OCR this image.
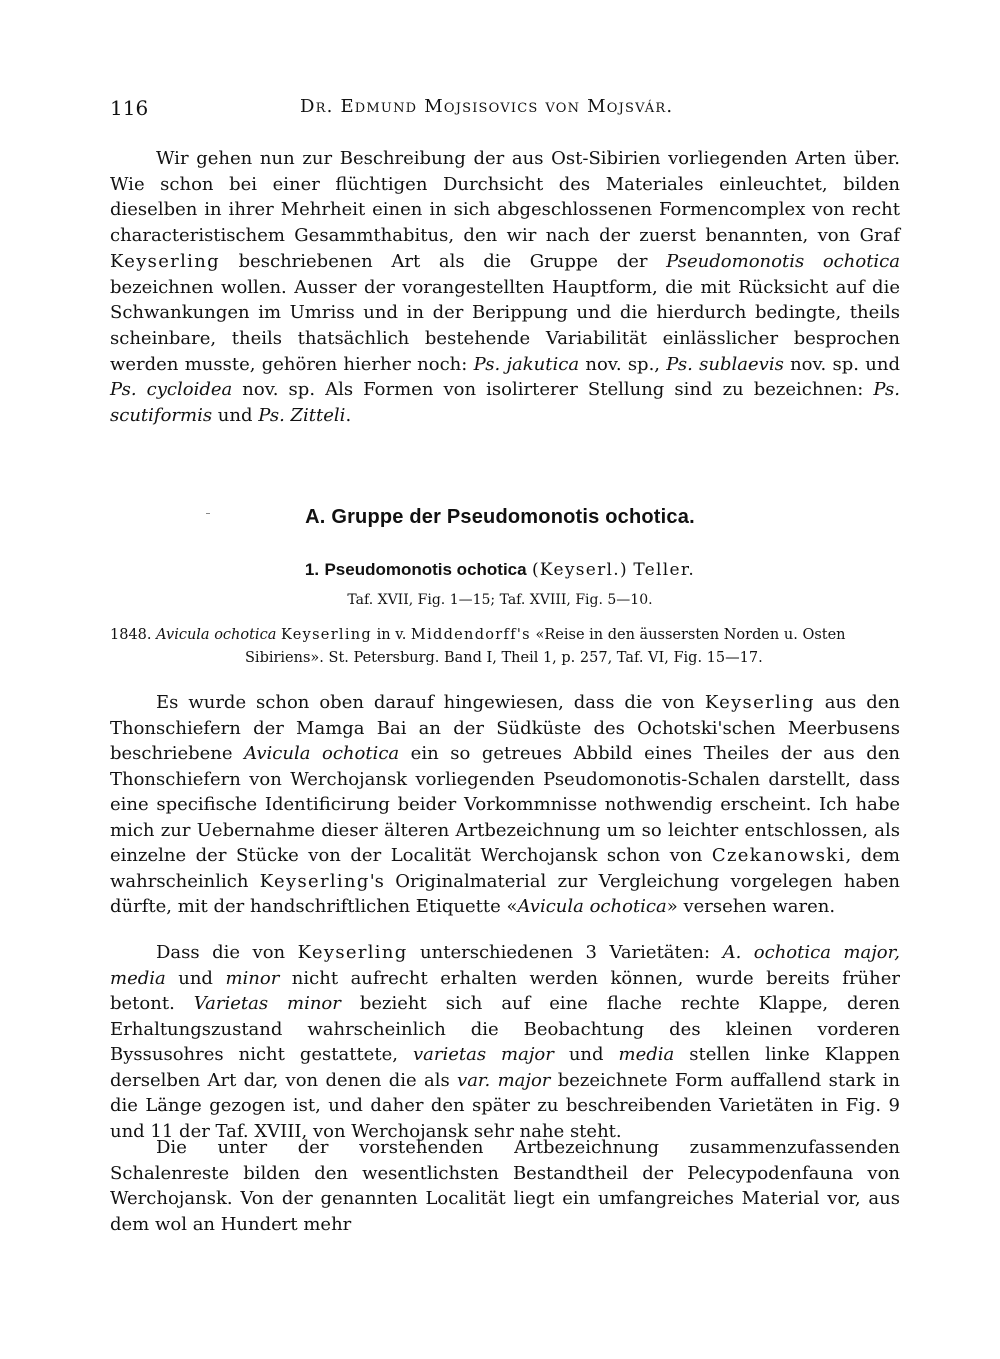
116	Dr. Edmund Mojsisovics von Mojsvár.

Wir gehen nun zur Beschreibung der aus Ost-Sibirien vorliegenden Arten über. Wie schon bei einer flüchtigen Durchsicht des Materiales einleuchtet, bilden dieselben in ihrer Mehrheit einen in sich abgeschlossenen Formencomplex von recht characteristischem Gesammthabitus, den wir nach der zuerst benannten, von Graf Keyserling beschriebenen Art als die Gruppe der Pseudomonotis ochotica bezeichnen wollen. Ausser der vorangestellten Hauptform, die mit Rücksicht auf die Schwankungen im Umriss und in der Berippung und die hierdurch bedingte, theils scheinbare, theils thatsächlich bestehende Variabilität einlässlicher besprochen werden musste, gehören hierher noch: Ps. jakutica nov. sp., Ps. sublaevis nov. sp. und Ps. cycloidea nov. sp. Als Formen von isolirterer Stellung sind zu bezeichnen: Ps. scutiformis und Ps. Zitteli.

A. Gruppe der Pseudomonotis ochotica.
1. Pseudomonotis ochotica (Keyserl.) Teller.
Taf. XVII, Fig. 1—15; Taf. XVIII, Fig. 5—10.

1848. Avicula ochotica Keyserling in v. Middendorff's «Reise in den äussersten Norden u. Osten Sibiriens». St. Petersburg. Band I, Theil 1, p. 257, Taf. VI, Fig. 15—17.

Es wurde schon oben darauf hingewiesen, dass die von Keyserling aus den Thonschiefern der Mamga Bai an der Südküste des Ochotski'schen Meerbusens beschriebene Avicula ochotica ein so getreues Abbild eines Theiles der aus den Thonschiefern von Werchojansk vorliegenden Pseudomonotis-Schalen darstellt, dass eine specifische Identificirung beider Vorkommnisse nothwendig erscheint. Ich habe mich zur Uebernahme dieser älteren Artbezeichnung um so leichter entschlossen, als einzelne der Stücke von der Localität Werchojansk schon von Czekanowski, dem wahrscheinlich Keyserling's Originalmaterial zur Vergleichung vorgelegen haben dürfte, mit der handschriftlichen Etiquette «Avicula ochotica» versehen waren.

Dass die von Keyserling unterschiedenen 3 Varietäten: A. ochotica major, media und minor nicht aufrecht erhalten werden können, wurde bereits früher betont. Varietas minor bezieht sich auf eine flache rechte Klappe, deren Erhaltungszustand wahrscheinlich die Beobachtung des kleinen vorderen Byssusohres nicht gestattete, varietas major und media stellen linke Klappen derselben Art dar, von denen die als var. major bezeichnete Form auffallend stark in die Länge gezogen ist, und daher den später zu beschreibenden Varietäten in Fig. 9 und 11 der Taf. XVIII, von Werchojansk sehr nahe steht.

Die unter der vorstehenden Artbezeichnung zusammenzufassenden Schalenreste bilden den wesentlichsten Bestandtheil der Pelecypodenfauna von Werchojansk. Von der genannten Localität liegt ein umfangreiches Material vor, aus dem wol an Hundert mehr
